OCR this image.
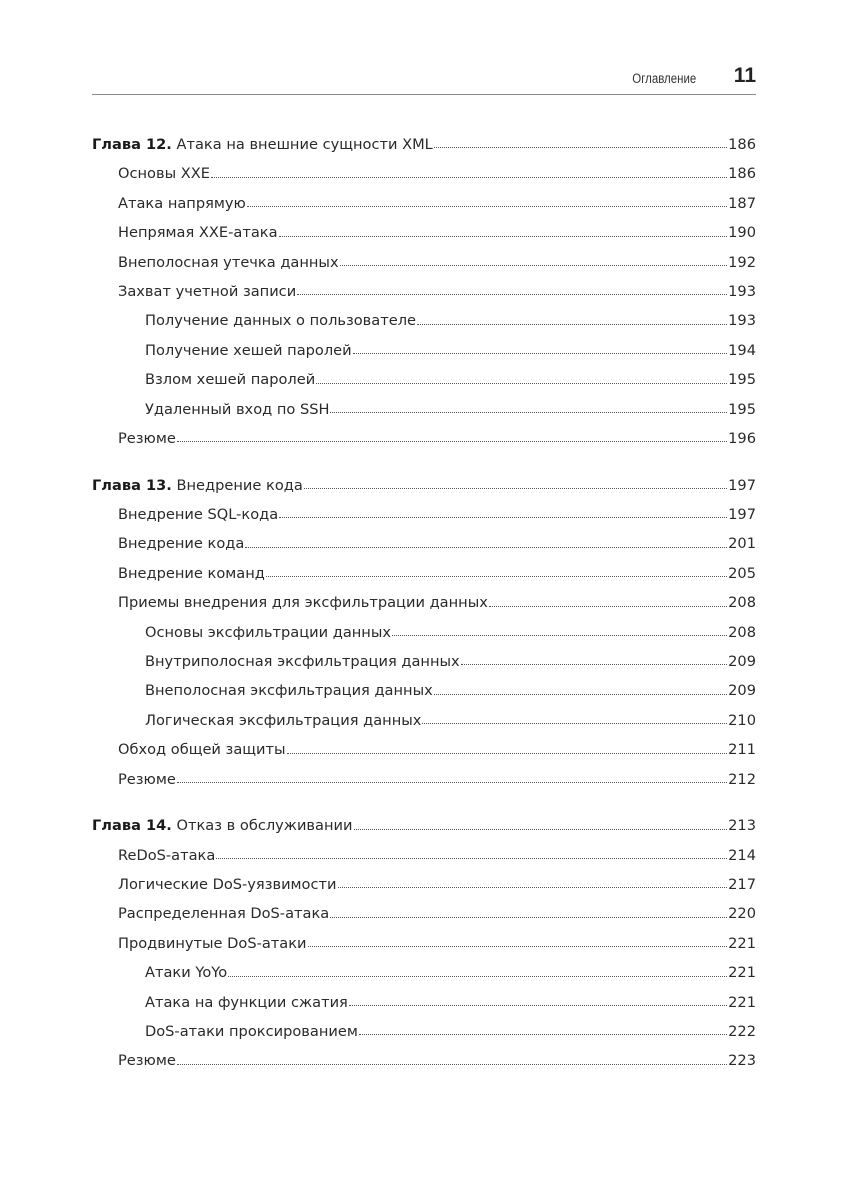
Оглавление 11
Глава 12. Атака на внешние сущности XML	186
Основы XXE	186
Атака напрямую	187
Непрямая XXE-атака	190
Внеполосная утечка данных	192
Захват учетной записи	193
Получение данных о пользователе	193
Получение хешей паролей	194
Взлом хешей паролей	195
Удаленный вход по SSH	195
Резюме	196
Глава 13. Внедрение кода	197
Внедрение SQL-кода	197
Внедрение кода	201
Внедрение команд	205
Приемы внедрения для эксфильтрации данных	208
Основы эксфильтрации данных	208
Внутриполосная эксфильтрация данных	209
Внеполосная эксфильтрация данных	209
Логическая эксфильтрация данных	210
Обход общей защиты	211
Резюме	212
Глава 14. Отказ в обслуживании	213
ReDoS-атака	214
Логические DoS-уязвимости	217
Распределенная DoS-атака	220
Продвинутые DoS-атаки	221
Атаки YoYo	221
Атака на функции сжатия	221
DoS-атаки проксированием	222
Резюме	223
